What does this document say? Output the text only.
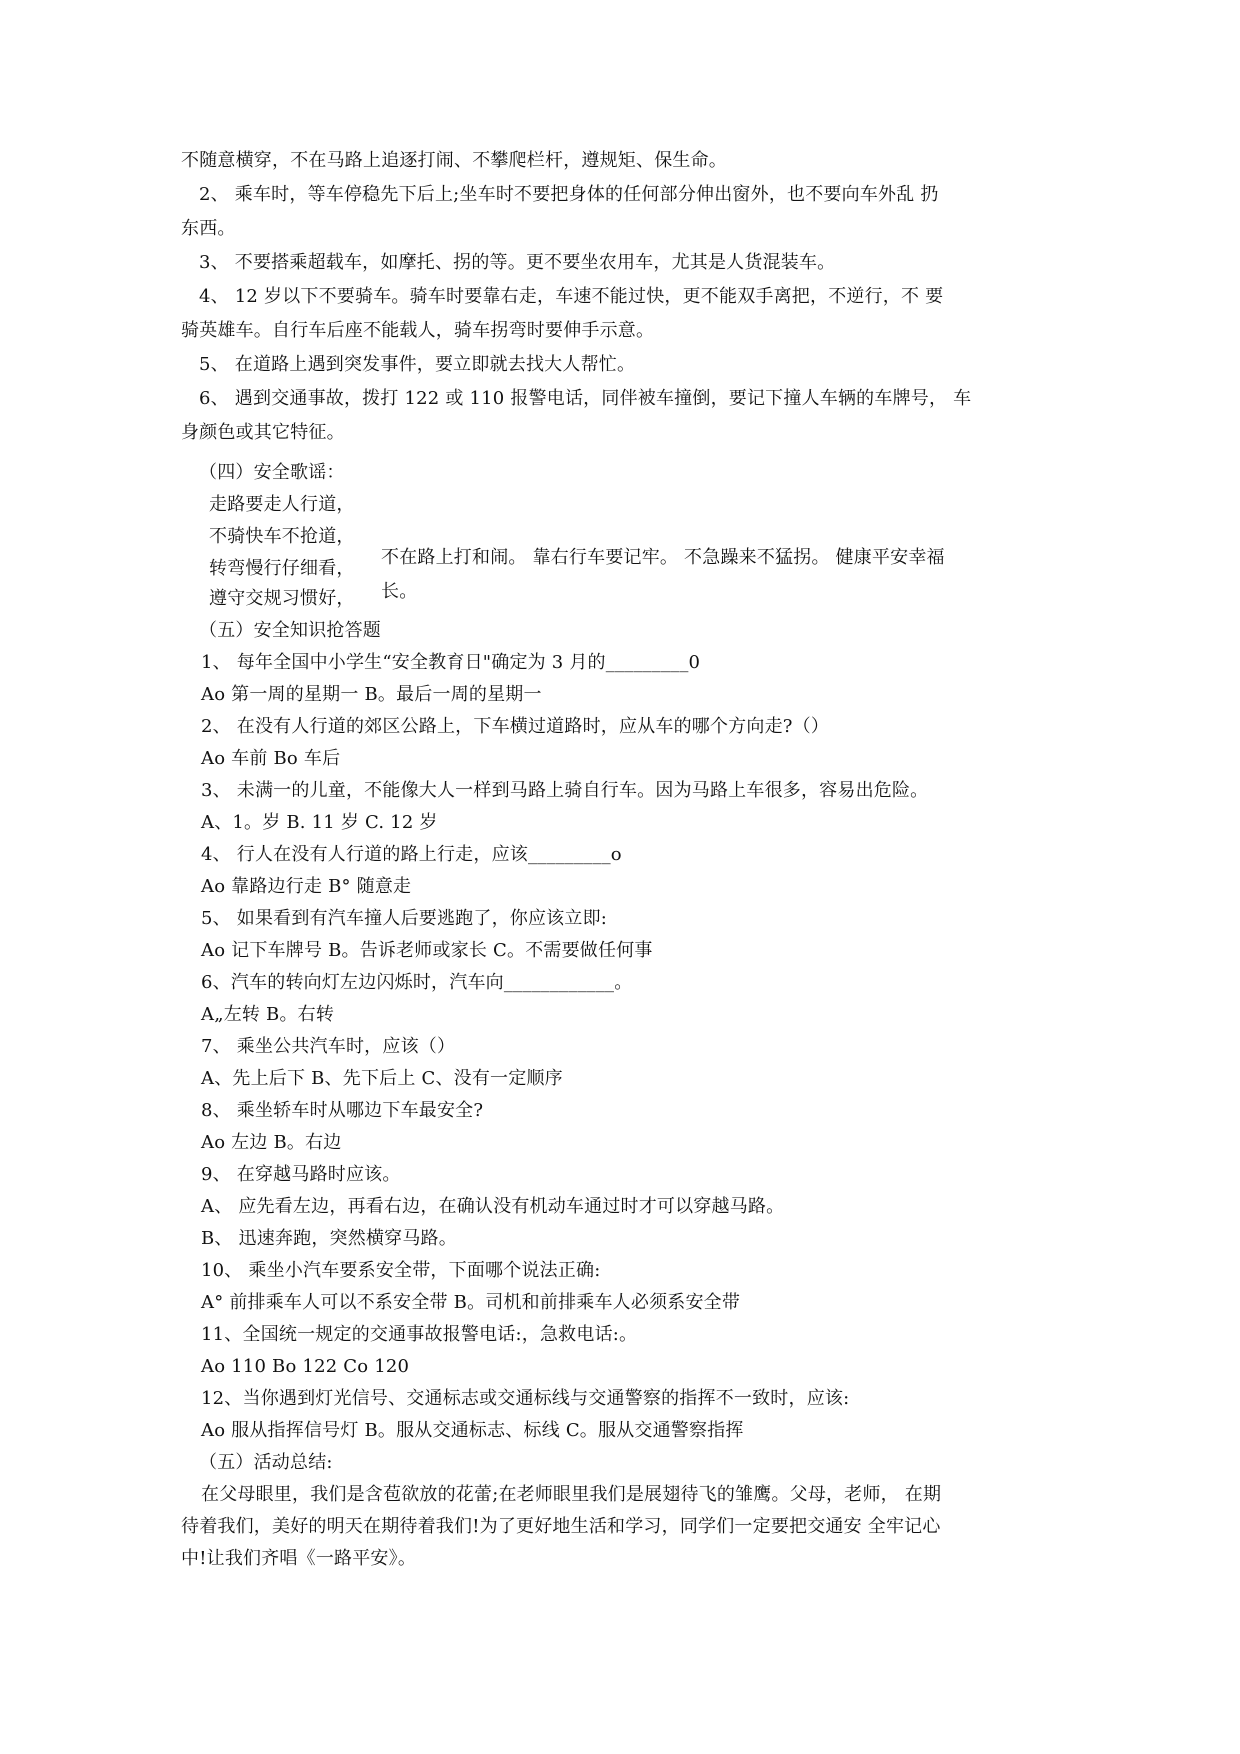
不随意横穿，不在马路上追逐打闹、不攀爬栏杆，遵规矩、保生命。
2、 乘车时，等车停稳先下后上;坐车时不要把身体的任何部分伸出窗外，也不要向车外乱 扔
东西。
3、 不要搭乘超载车，如摩托、拐的等。更不要坐农用车，尤其是人货混装车。
4、 12 岁以下不要骑车。骑车时要靠右走，车速不能过快，更不能双手离把，不逆行，不 要
骑英雄车。自行车后座不能载人，骑车拐弯时要伸手示意。
5、 在道路上遇到突发事件，要立即就去找大人帮忙。
6、 遇到交通事故，拨打 122 或 110 报警电话，同伴被车撞倒，要记下撞人车辆的车牌号， 车
身颜色或其它特征。
（四）安全歌谣：
走路要走人行道，
不骑快车不抢道，
转弯慢行仔细看，
遵守交规习惯好，
不在路上打和闹。 靠右行车要记牢。 不急躁来不猛拐。 健康平安幸福
长。
（五）安全知识抢答题
1、 每年全国中小学生“安全教育日"确定为 3 月的_________0
Ao 第一周的星期一 B。最后一周的星期一
2、 在没有人行道的郊区公路上，下车横过道路时，应从车的哪个方向走?（）
Ao 车前 Bo 车后
3、 未满一的儿童，不能像大人一样到马路上骑自行车。因为马路上车很多，容易出危险。
A、1。岁 B. 11 岁 C. 12 岁
4、 行人在没有人行道的路上行走，应该_________o
Ao 靠路边行走 B° 随意走
5、 如果看到有汽车撞人后要逃跑了，你应该立即:
Ao 记下车牌号 B。告诉老师或家长 C。不需要做任何事
6、汽车的转向灯左边闪烁时，汽车向____________。
A„左转 B。右转
7、 乘坐公共汽车时，应该（）
A、先上后下 B、先下后上 C、没有一定顺序
8、 乘坐轿车时从哪边下车最安全?
Ao 左边 B。右边
9、 在穿越马路时应该。
A、 应先看左边，再看右边，在确认没有机动车通过时才可以穿越马路。
B、 迅速奔跑，突然横穿马路。
10、 乘坐小汽车要系安全带，下面哪个说法正确:
A° 前排乘车人可以不系安全带 B。司机和前排乘车人必须系安全带
11、全国统一规定的交通事故报警电话:，急救电话:。
Ao 110 Bo 122 Co 120
12、当你遇到灯光信号、交通标志或交通标线与交通警察的指挥不一致时，应该:
Ao 服从指挥信号灯 B。服从交通标志、标线 C。服从交通警察指挥
（五）活动总结:
在父母眼里，我们是含苞欲放的花蕾;在老师眼里我们是展翅待飞的雏鹰。父母，老师， 在期
待着我们，美好的明天在期待着我们!为了更好地生活和学习，同学们一定要把交通安 全牢记心
中!让我们齐唱《一路平安》。
